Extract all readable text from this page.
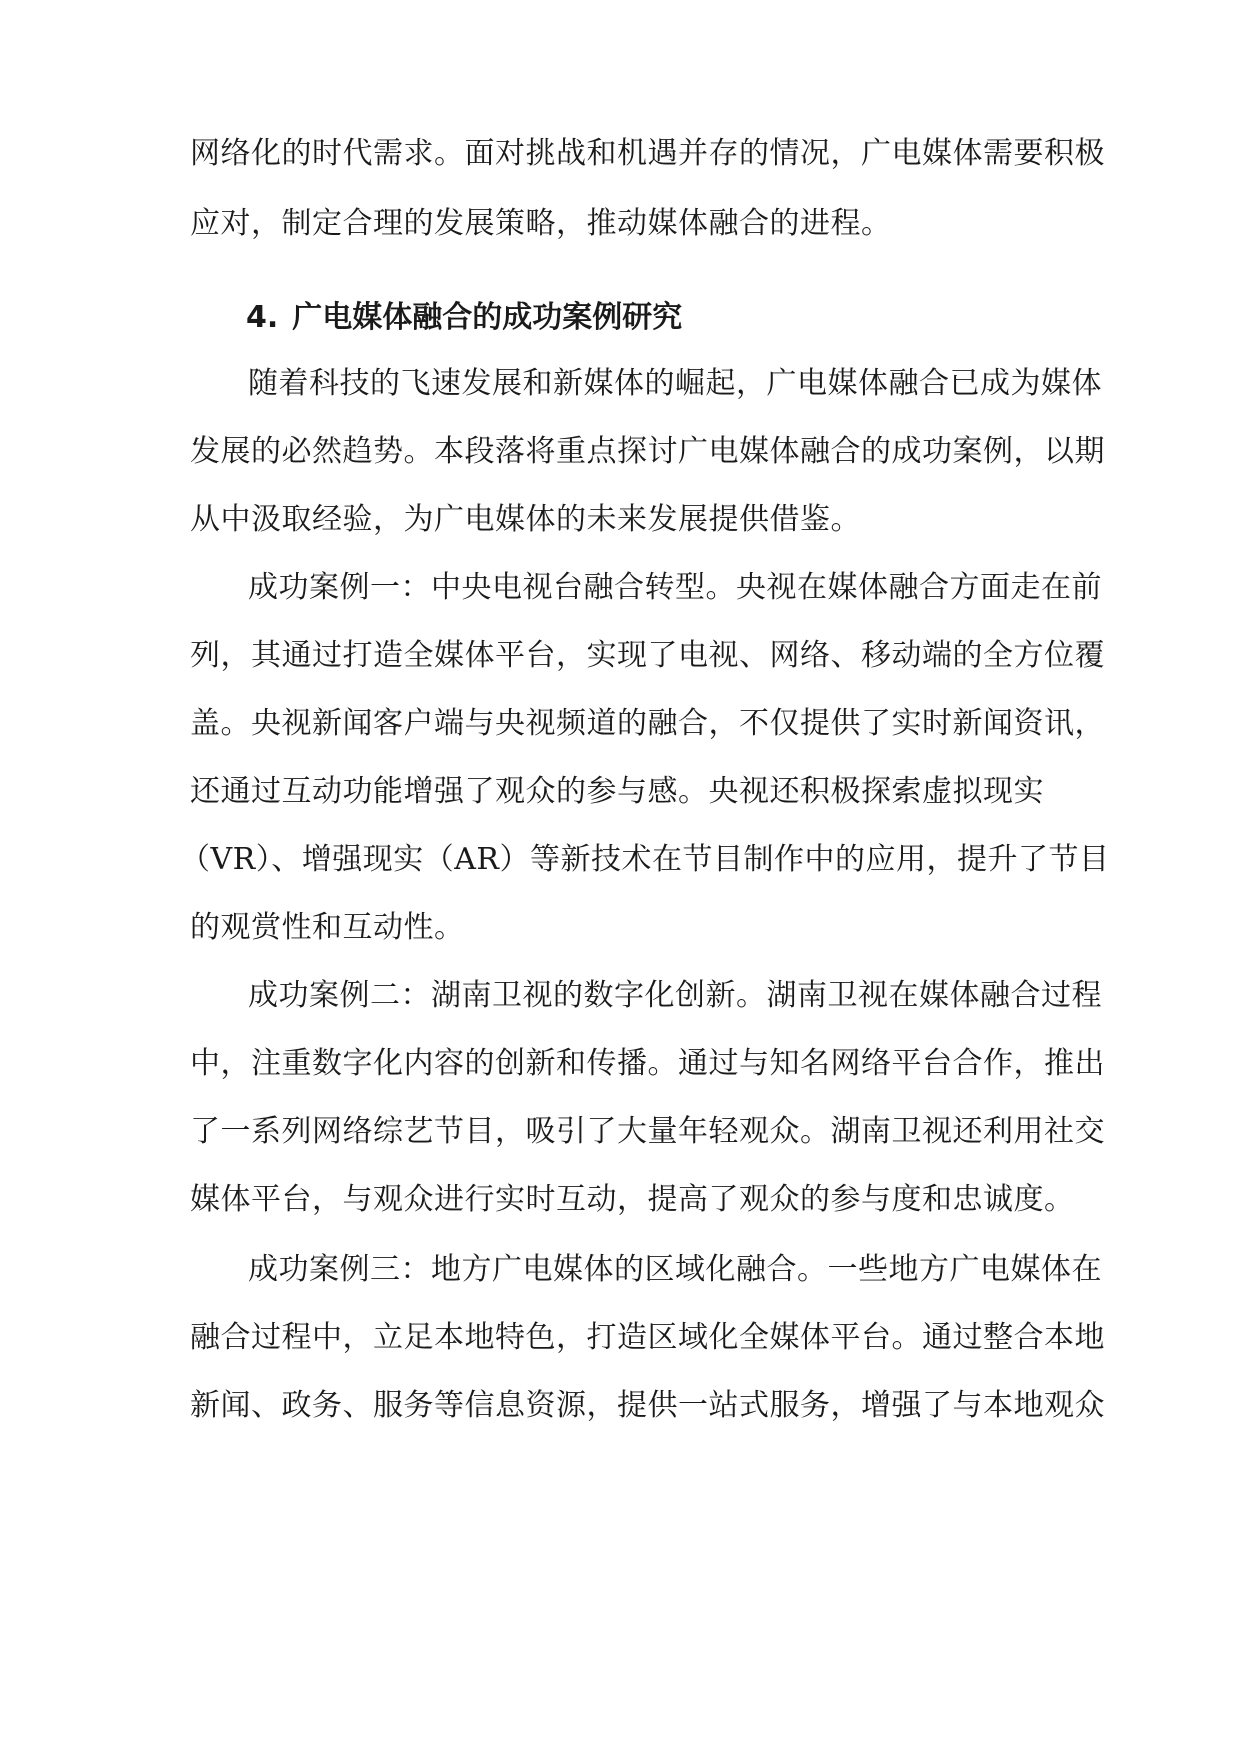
网络化的时代需求。面对挑战和机遇并存的情况，广电媒体需要积极
应对，制定合理的发展策略，推动媒体融合的进程。
4. 广电媒体融合的成功案例研究
随着科技的飞速发展和新媒体的崛起，广电媒体融合已成为媒体
发展的必然趋势。本段落将重点探讨广电媒体融合的成功案例，以期
从中汲取经验，为广电媒体的未来发展提供借鉴。
成功案例一：中央电视台融合转型。央视在媒体融合方面走在前
列，其通过打造全媒体平台，实现了电视、网络、移动端的全方位覆
盖。央视新闻客户端与央视频道的融合，不仅提供了实时新闻资讯，
还通过互动功能增强了观众的参与感。央视还积极探索虚拟现实
（VR）、增强现实（AR）等新技术在节目制作中的应用，提升了节目
的观赏性和互动性。
成功案例二：湖南卫视的数字化创新。湖南卫视在媒体融合过程
中，注重数字化内容的创新和传播。通过与知名网络平台合作，推出
了一系列网络综艺节目，吸引了大量年轻观众。湖南卫视还利用社交
媒体平台，与观众进行实时互动，提高了观众的参与度和忠诚度。
成功案例三：地方广电媒体的区域化融合。一些地方广电媒体在
融合过程中，立足本地特色，打造区域化全媒体平台。通过整合本地
新闻、政务、服务等信息资源，提供一站式服务，增强了与本地观众
